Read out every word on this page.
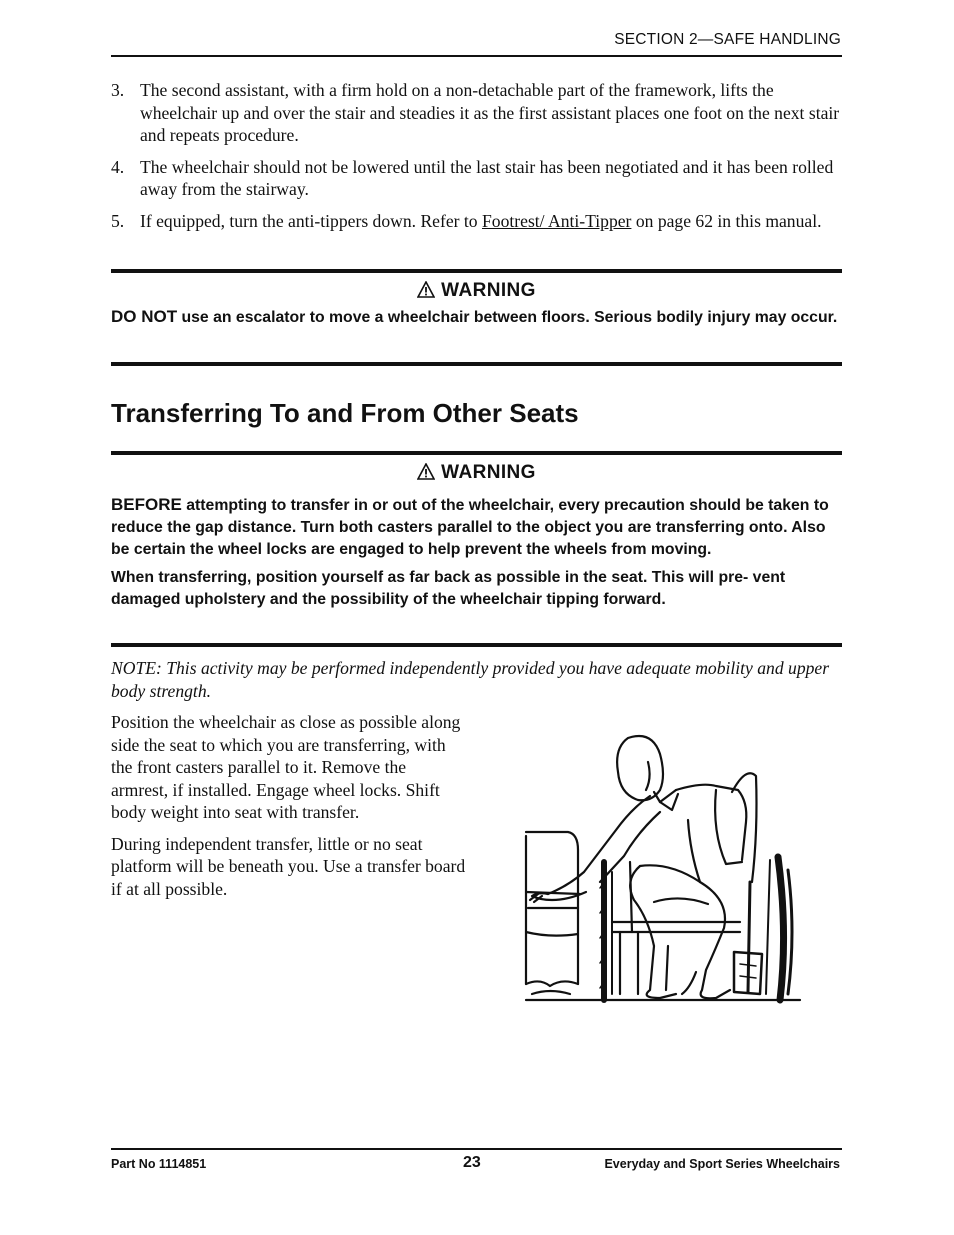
SECTION 2—SAFE HANDLING
3. The second assistant, with a firm hold on a non-detachable part of the framework, lifts the wheelchair up and over the stair and steadies it as the first assistant places one foot on the next stair and repeats procedure.
4. The wheelchair should not be lowered until the last stair has been negotiated and it has been rolled away from the stairway.
5. If equipped, turn the anti-tippers down. Refer to Footrest/ Anti-Tipper on page 62 in this manual.
WARNING

DO NOT use an escalator to move a wheelchair between floors. Serious bodily injury may occur.

Transferring To and From Other Seats
WARNING

BEFORE attempting to transfer in or out of the wheelchair, every precaution should be taken to reduce the gap distance. Turn both casters parallel to the object you are transferring onto. Also be certain the wheel locks are engaged to help prevent the wheels from moving.

When transferring, position yourself as far back as possible in the seat. This will pre- vent damaged upholstery and the possibility of the wheelchair tipping forward.

NOTE: This activity may be performed independently provided you have adequate mobility and upper body strength.

Position the wheelchair as close as possible along side the seat to which you are transferring, with the front casters parallel to it. Remove the armrest, if installed. Engage wheel locks. Shift body weight into seat with transfer.

During independent transfer, little or no seat platform will be beneath you. Use a transfer board if at all possible.

Part No 1114851	23	Everyday and Sport Series Wheelchairs
